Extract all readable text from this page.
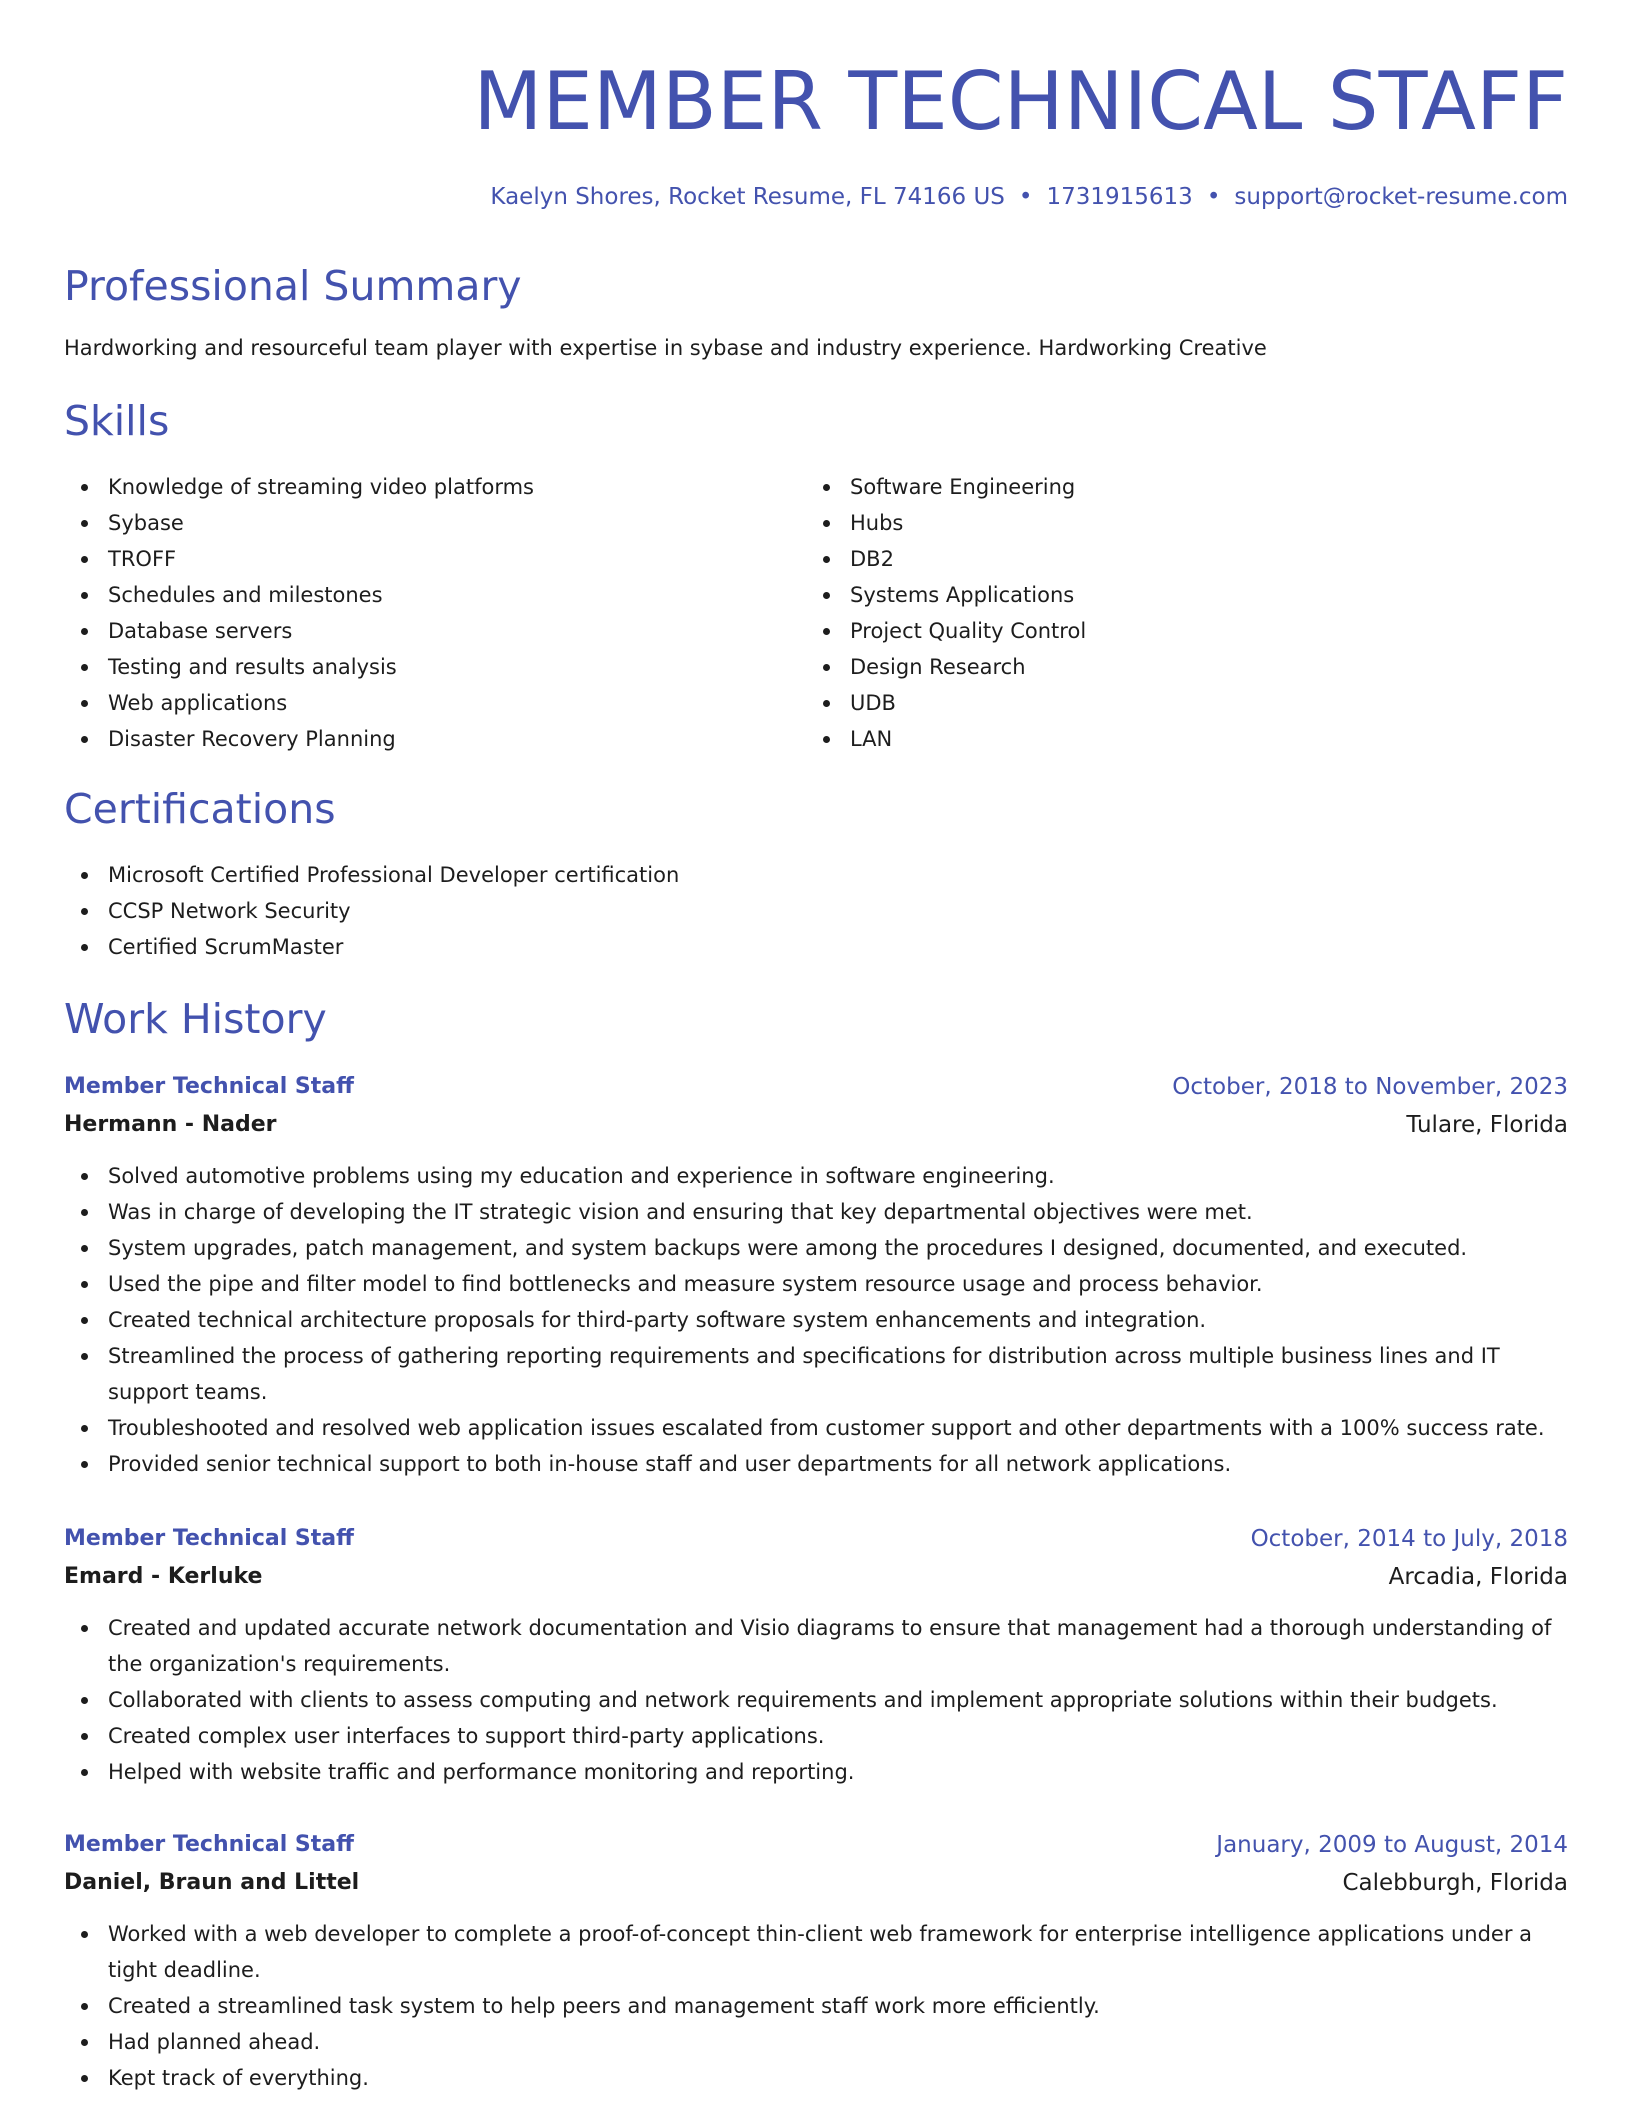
MEMBER TECHNICAL STAFF
Kaelyn Shores, Rocket Resume, FL 74166 US • 1731915613 • support@rocket-resume.com
Professional Summary

Hardworking and resourceful team player with expertise in sybase and industry experience. Hardworking Creative

Skills
Knowledge of streaming video platforms
Sybase
TROFF
Schedules and milestones
Database servers
Testing and results analysis
Web applications
Disaster Recovery Planning
Software Engineering
Hubs
DB2
Systems Applications
Project Quality Control
Design Research
UDB
LAN
Certifications
Microsoft Certified Professional Developer certification
CCSP Network Security
Certified ScrumMaster
Work History
Member Technical Staff	October, 2018 to November, 2023
Hermann - Nader	Tulare, Florida
Solved automotive problems using my education and experience in software engineering.
Was in charge of developing the IT strategic vision and ensuring that key departmental objectives were met.
System upgrades, patch management, and system backups were among the procedures I designed, documented, and executed.
Used the pipe and filter model to find bottlenecks and measure system resource usage and process behavior.
Created technical architecture proposals for third-party software system enhancements and integration.
Streamlined the process of gathering reporting requirements and specifications for distribution across multiple business lines and IT support teams.
Troubleshooted and resolved web application issues escalated from customer support and other departments with a 100% success rate.
Provided senior technical support to both in-house staff and user departments for all network applications.
Member Technical Staff	October, 2014 to July, 2018
Emard - Kerluke	Arcadia, Florida
Created and updated accurate network documentation and Visio diagrams to ensure that management had a thorough understanding of the organization's requirements.
Collaborated with clients to assess computing and network requirements and implement appropriate solutions within their budgets.
Created complex user interfaces to support third-party applications.
Helped with website traffic and performance monitoring and reporting.
Member Technical Staff	January, 2009 to August, 2014
Daniel, Braun and Littel	Calebburgh, Florida
Worked with a web developer to complete a proof-of-concept thin-client web framework for enterprise intelligence applications under a tight deadline.
Created a streamlined task system to help peers and management staff work more efficiently.
Had planned ahead.
Kept track of everything.
